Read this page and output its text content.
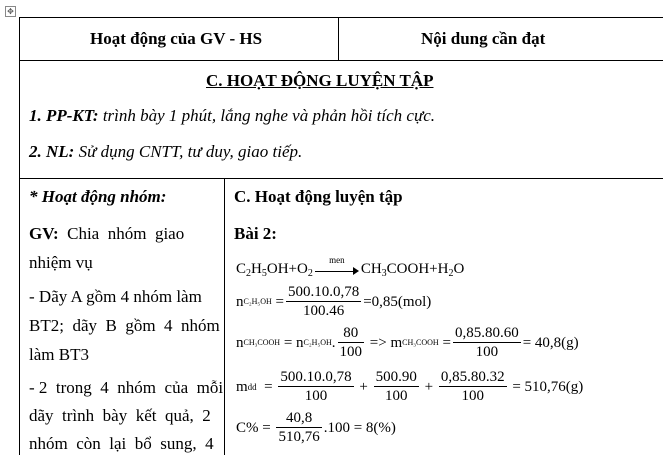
✥
Hoạt động của GV - HS	Nội dung cần đạt
C. HOẠT ĐỘNG LUYỆN TẬP
1. PP-KT: trình bày 1 phút, lắng nghe và phản hồi tích cực.
2. NL: Sử dụng CNTT, tư duy, giao tiếp.
* Hoạt động nhóm:
GV:  Chia  nhóm  giao
nhiệm vụ
- Dãy A gồm 4 nhóm làm
BT2;  dãy  B  gồm  4  nhóm
làm BT3
- 2  trong  4  nhóm  của  mỗi
dãy  trình  bày  kết  quả,  2
nhóm  còn  lại  bổ  sung,  4
C. Hoạt động luyện tập
Bài 2:
$C_2H_5OH+O_2$
men
$CH_3COOH+H_2O$
n C₂H₅OH
= $\frac{500.10.0,78}{100.46} =0,85(mol)$
n CH₃COOH
=
n C₂H₅OH . $\frac{80}{100}$
=> m CH₃COOH
= $\frac{0,85.80.60}{100} = 40,8(g)$
m dd
=
$\frac{500.10.0,78}{100}$
+
$\frac{500.90}{100}$
+
$\frac{0,85.80.32}{100}$
= 510,76(g)
C%
=
$\frac{40,8}{510,76} .100 = 8(\%)$
